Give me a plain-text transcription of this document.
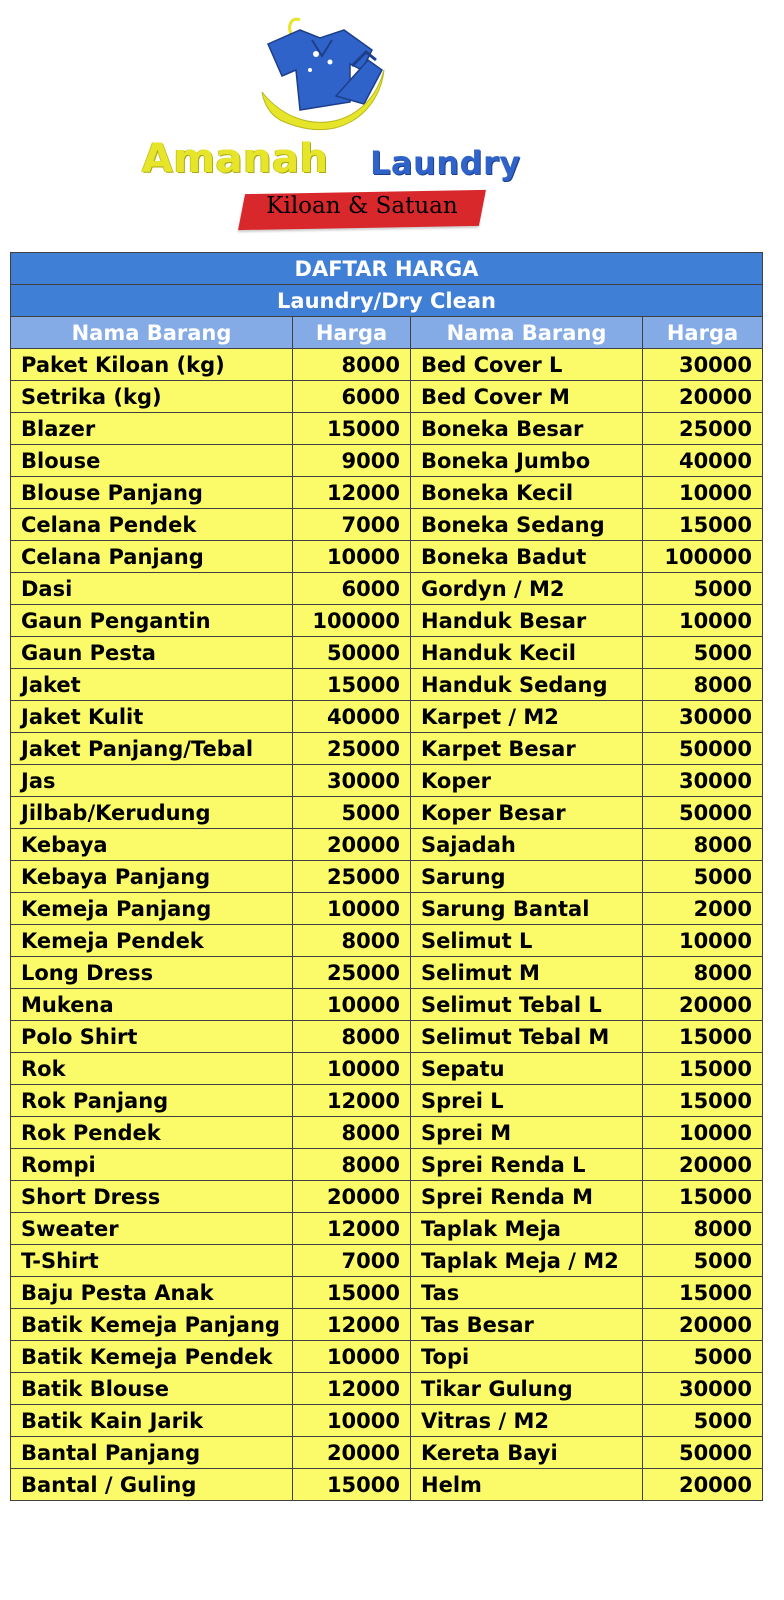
Amanah Laundry
Kiloan & Satuan
DAFTAR HARGA			
Laundry/Dry Clean			
Nama Barang	Harga	Nama Barang	Harga
Paket Kiloan (kg)	8000	Bed Cover L	30000
Setrika (kg)	6000	Bed Cover M	20000
Blazer	15000	Boneka Besar	25000
Blouse	9000	Boneka Jumbo	40000
Blouse Panjang	12000	Boneka Kecil	10000
Celana Pendek	7000	Boneka Sedang	15000
Celana Panjang	10000	Boneka Badut	100000
Dasi	6000	Gordyn / M2	5000
Gaun Pengantin	100000	Handuk Besar	10000
Gaun Pesta	50000	Handuk Kecil	5000
Jaket	15000	Handuk Sedang	8000
Jaket Kulit	40000	Karpet / M2	30000
Jaket Panjang/Tebal	25000	Karpet Besar	50000
Jas	30000	Koper	30000
Jilbab/Kerudung	5000	Koper Besar	50000
Kebaya	20000	Sajadah	8000
Kebaya Panjang	25000	Sarung	5000
Kemeja Panjang	10000	Sarung Bantal	2000
Kemeja Pendek	8000	Selimut L	10000
Long Dress	25000	Selimut M	8000
Mukena	10000	Selimut Tebal L	20000
Polo Shirt	8000	Selimut Tebal M	15000
Rok	10000	Sepatu	15000
Rok Panjang	12000	Sprei L	15000
Rok Pendek	8000	Sprei M	10000
Rompi	8000	Sprei Renda L	20000
Short Dress	20000	Sprei Renda M	15000
Sweater	12000	Taplak Meja	8000
T-Shirt	7000	Taplak Meja / M2	5000
Baju Pesta Anak	15000	Tas	15000
Batik Kemeja Panjang	12000	Tas Besar	20000
Batik Kemeja Pendek	10000	Topi	5000
Batik Blouse	12000	Tikar Gulung	30000
Batik Kain Jarik	10000	Vitras / M2	5000
Bantal Panjang	20000	Kereta Bayi	50000
Bantal / Guling	15000	Helm	20000
